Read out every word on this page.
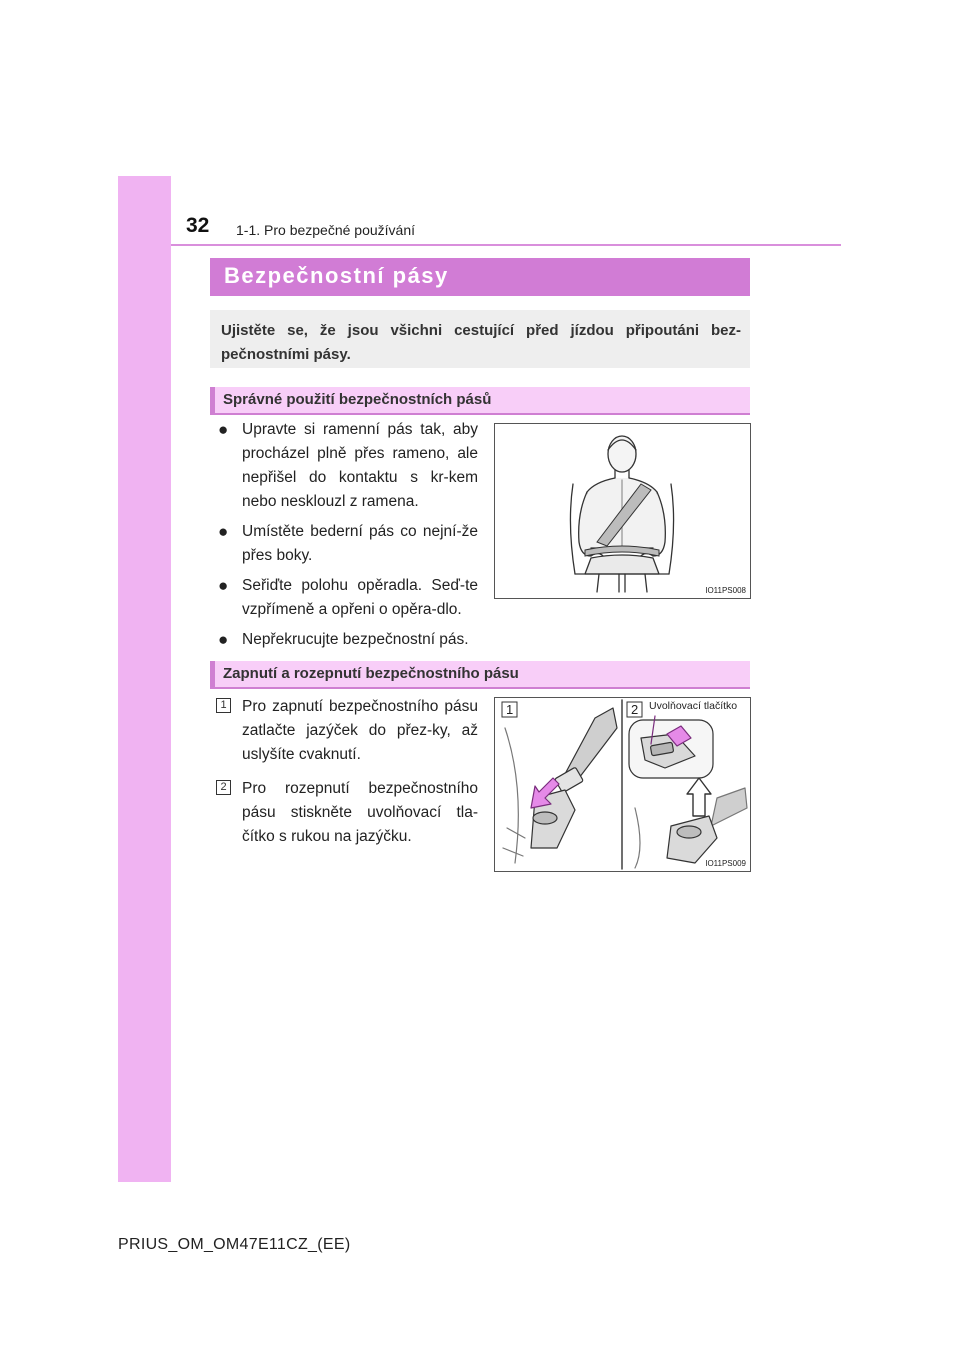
32 1-1. Pro bezpečné používání
Bezpečnostní pásy

Ujistěte se, že jsou všichni cestující před jízdou připoutáni bez-pečnostními pásy.

Správné použití bezpečnostních pásů
● Upravte si ramenní pás tak, aby procházel plně přes rameno, ale nepřišel do kontaktu s kr-kem nebo nesklouzl z ramena.
● Umístěte bederní pás co nejní-že přes boky.
● Seřiďte polohu opěradla. Seď-te vzpřímeně a opřeni o opěra-dlo.
● Nepřekrucujte bezpečnostní pás.
IO11PS008
Zapnutí a rozepnutí bezpečnostního pásu
1 Pro zapnutí bezpečnostního pásu zatlačte jazýček do přez-ky, až uslyšíte cvaknutí.
2 Pro rozepnutí bezpečnostního pásu stiskněte uvolňovací tla-čítko s rukou na jazýčku.
1	2 Uvolňovací tlačítko
IO11PS009
PRIUS_OM_OM47E11CZ_(EE)
